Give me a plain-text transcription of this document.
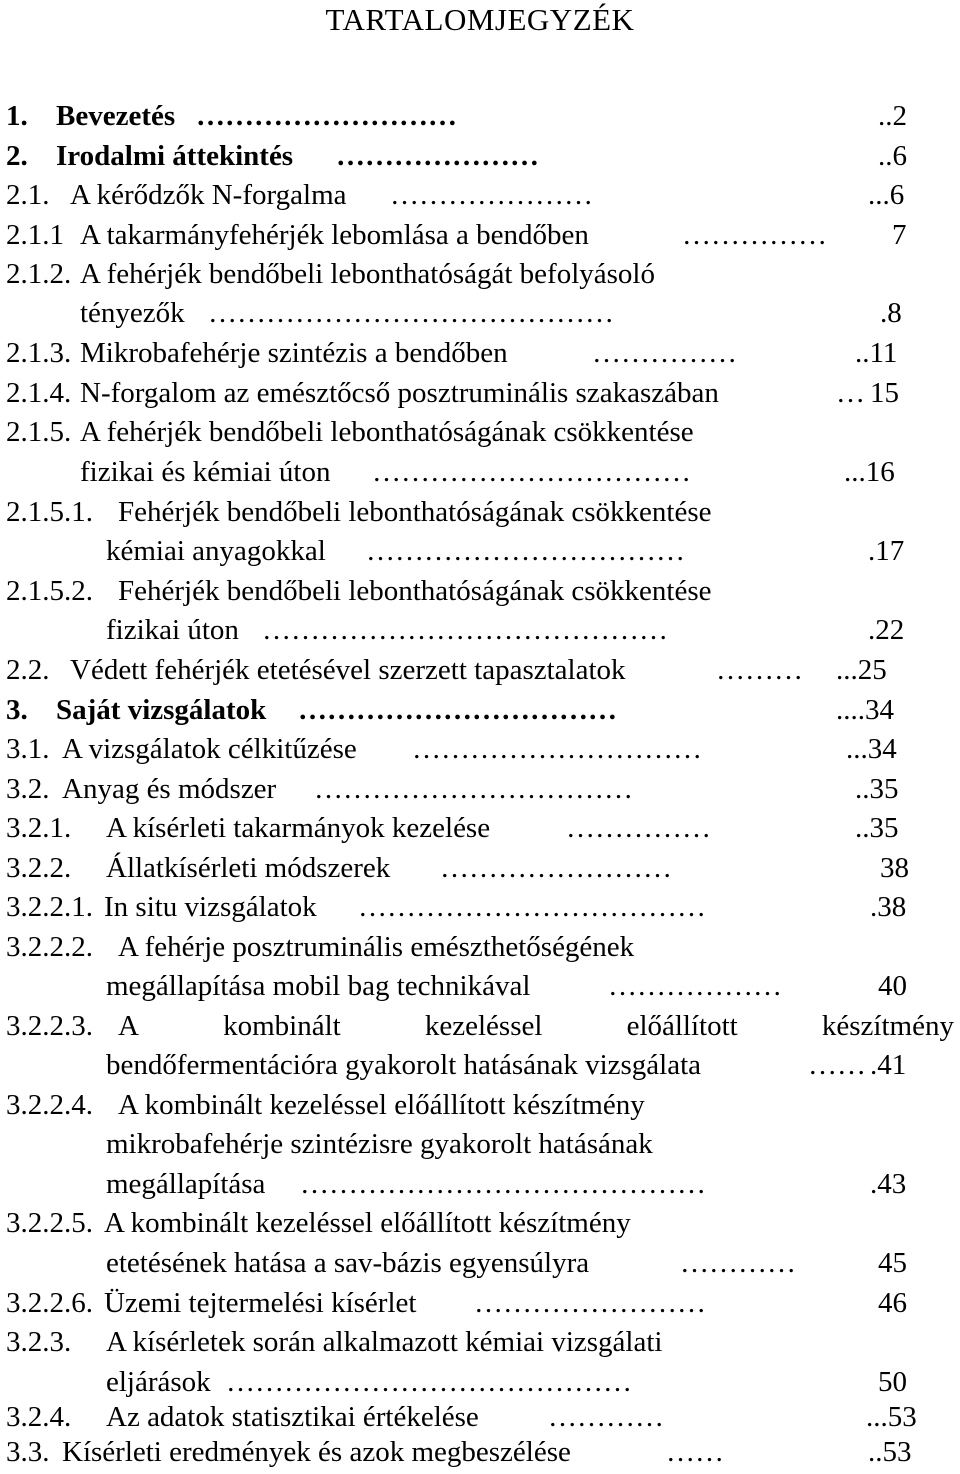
TARTALOMJEGYZÉK
1. Bevezetés ………………………	..2
2. Irodalmi áttekintés …………………	..6
2.1. A kérődzők N-forgalma …………………	...6
2.1.1 A takarmányfehérjék lebomlása a bendőben	……………	7
2.1.2. A fehérjék bendőbeli lebonthatóságát befolyásoló
tényezők ……………………………………	.8
2.1.3. Mikrobafehérje szintézis a bendőben	……………	..11
2.1.4. N-forgalom az emésztőcső posztruminális szakaszában	… 15
2.1.5. A fehérjék bendőbeli lebonthatóságának csökkentése
fizikai és kémiai úton ……………………………	...16
2.1.5.1. Fehérjék bendőbeli lebonthatóságának csökkentése
kémiai anyagokkal ……………………………	.17
2.1.5.2. Fehérjék bendőbeli lebonthatóságának csökkentése
fizikai úton ……………………………………	.22
2.2. Védett fehérjék etetésével szerzett tapasztalatok	………	...25
3. Saját vizsgálatok ……………………………	....34
3.1. A vizsgálatok célkitűzése …………………………	...34
3.2. Anyag és módszer ……………………………	..35
3.2.1. A kísérleti takarmányok kezelése	……………	..35
3.2.2. Állatkísérleti módszerek ……………………	38
3.2.2.1. In situ vizsgálatok ………………………………	.38
3.2.2.2. A fehérje posztruminális emészthetőségének
megállapítása mobil bag technikával	………………	40
3.2.2.3. A	kombinált	kezeléssel	előállított	készítmény
bendőfermentációra gyakorolt hatásának vizsgálata	…… .41
3.2.2.4. A kombinált kezeléssel előállított készítmény
mikrobafehérje szintézisre gyakorolt hatásának
megállapítása ……………………………………	.43
3.2.2.5. A kombinált kezeléssel előállított készítmény
etetésének hatása a sav-bázis egyensúlyra	…………	45
3.2.2.6. Üzemi tejtermelési kísérlet ……………………	46
3.2.3. A kísérletek során alkalmazott kémiai vizsgálati
eljárások ……………………………………	50
3.2.4. Az adatok statisztikai értékelése …………	...53
3.3. Kísérleti eredmények és azok megbeszélése	……	..53
